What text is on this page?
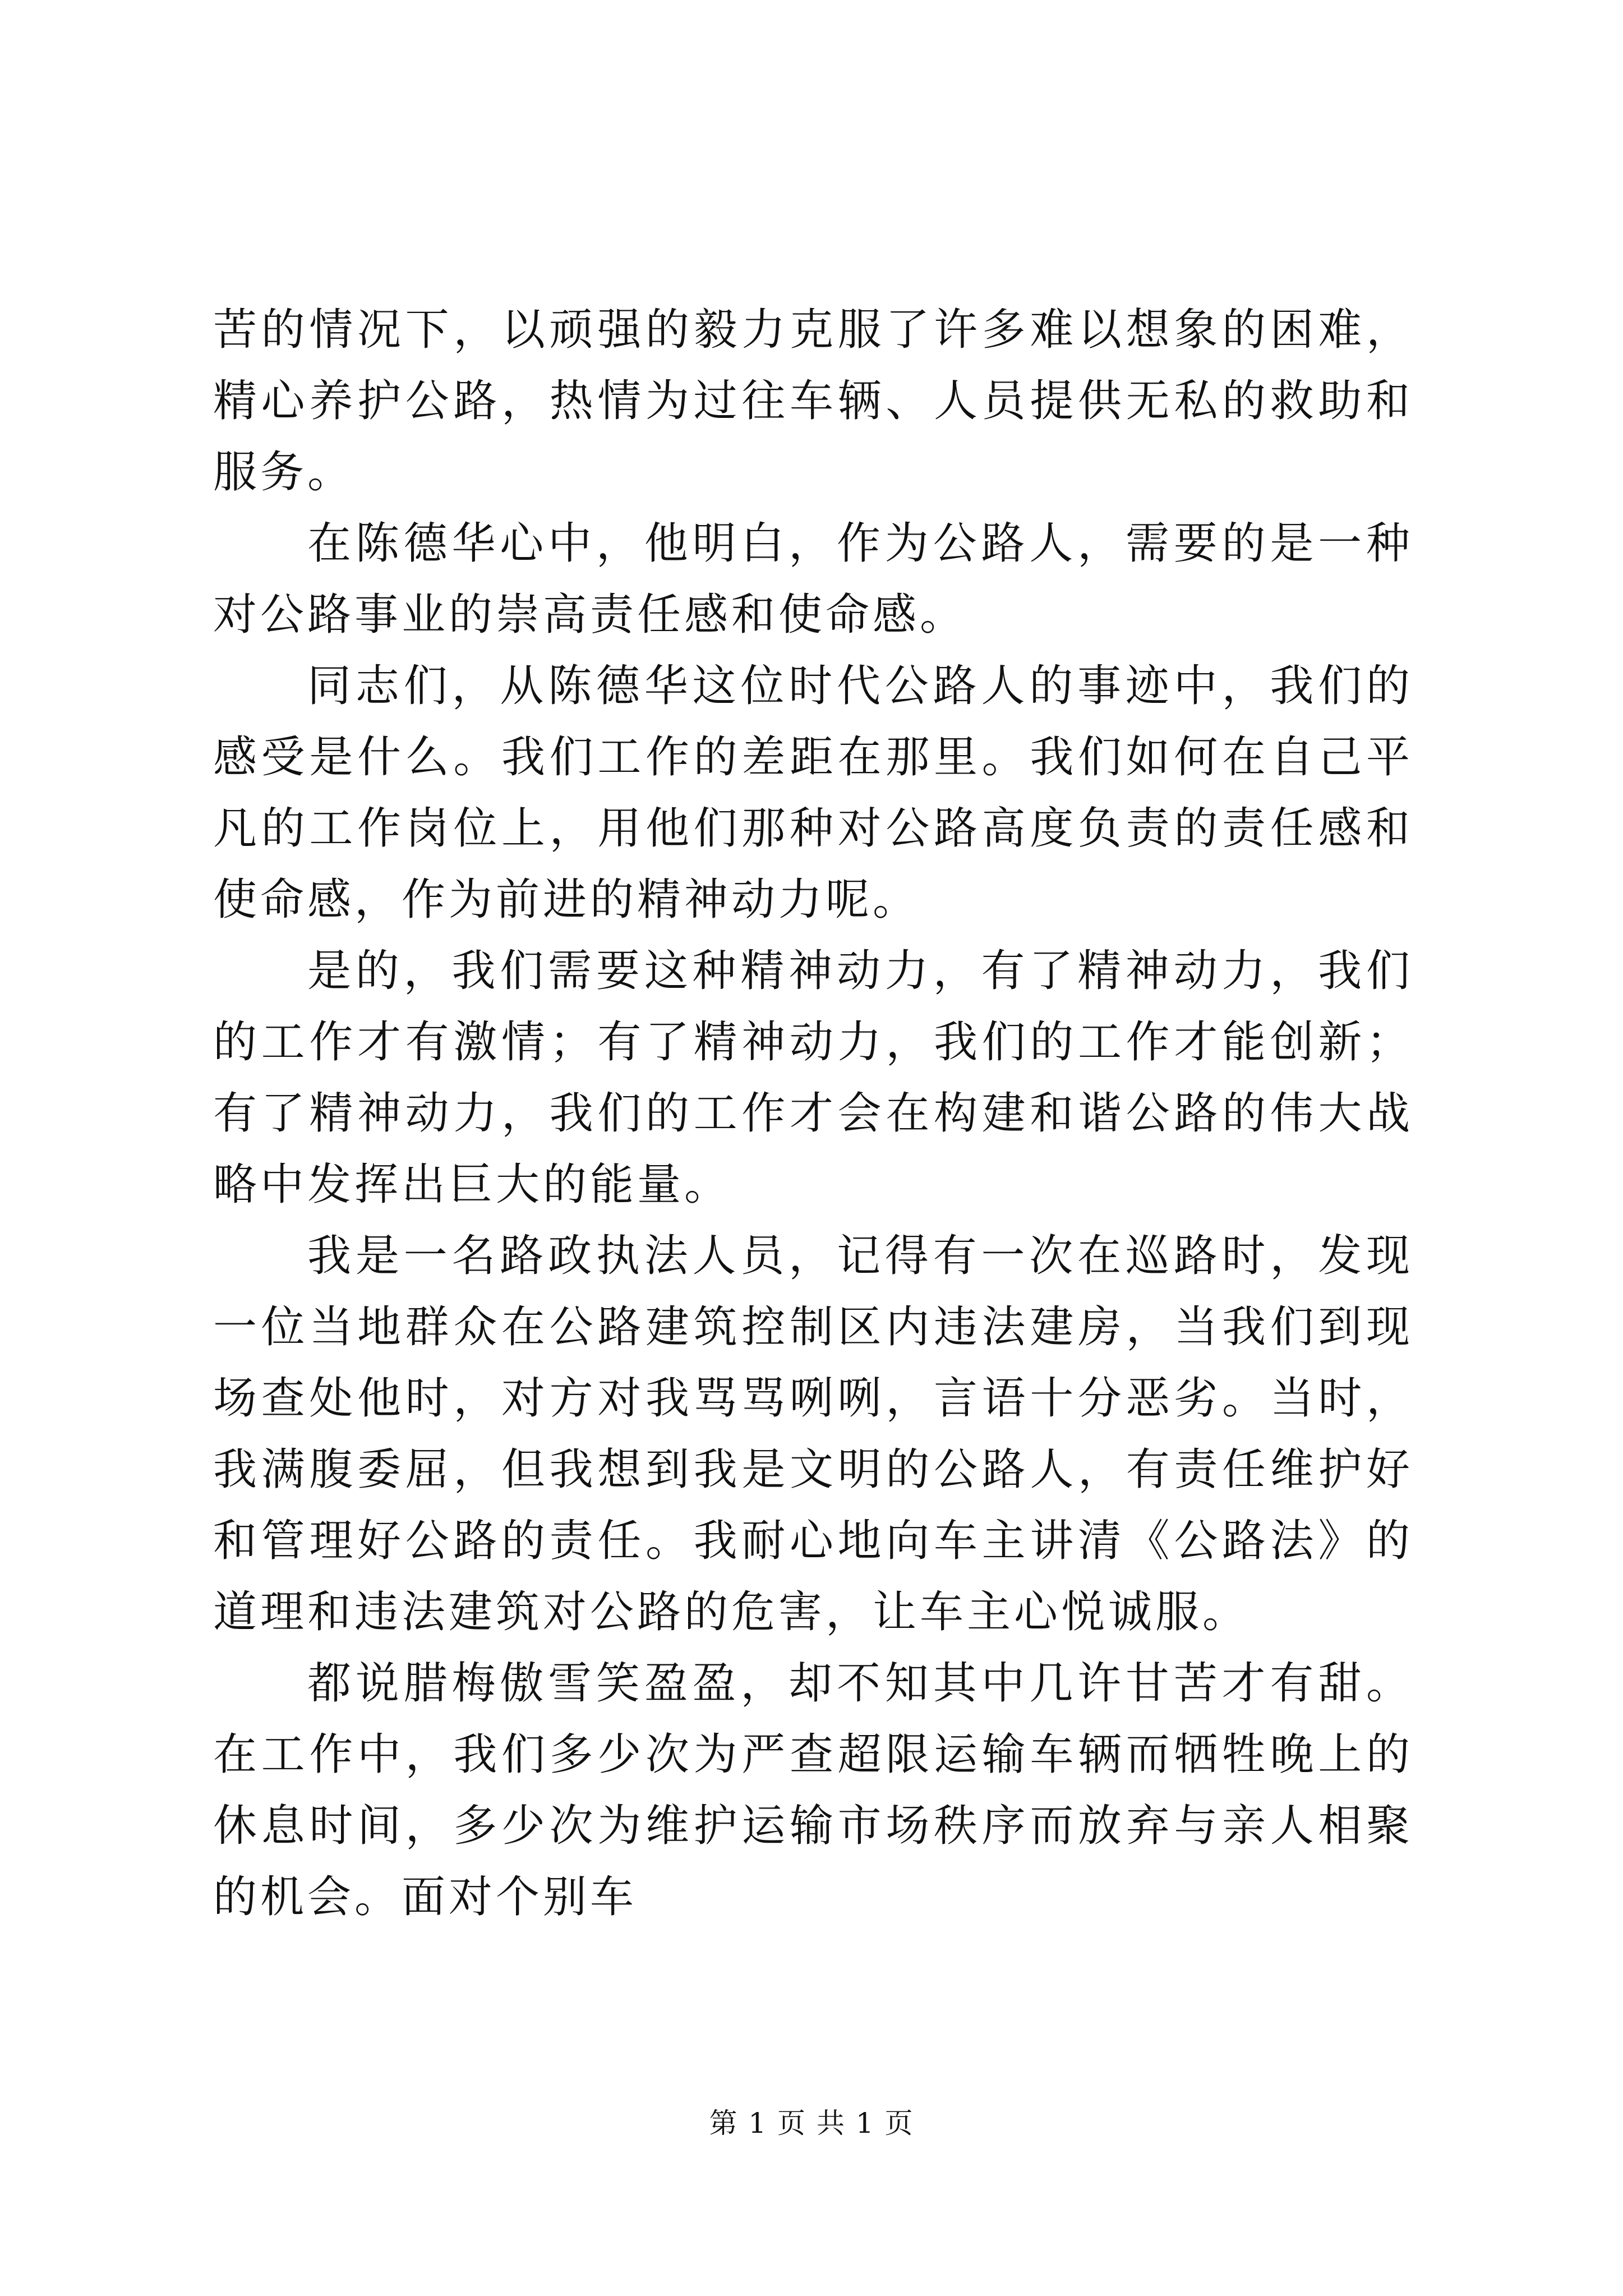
苦的情况下，以顽强的毅力克服了许多难以想象的困难，精心养护公路，热情为过往车辆、人员提供无私的救助和服务。

在陈德华心中，他明白，作为公路人，需要的是一种对公路事业的崇高责任感和使命感。

同志们，从陈德华这位时代公路人的事迹中，我们的感受是什么。我们工作的差距在那里。我们如何在自己平凡的工作岗位上，用他们那种对公路高度负责的责任感和使命感，作为前进的精神动力呢。

是的，我们需要这种精神动力，有了精神动力，我们的工作才有激情；有了精神动力，我们的工作才能创新；有了精神动力，我们的工作才会在构建和谐公路的伟大战略中发挥出巨大的能量。

我是一名路政执法人员，记得有一次在巡路时，发现一位当地群众在公路建筑控制区内违法建房，当我们到现场查处他时，对方对我骂骂咧咧，言语十分恶劣。当时，我满腹委屈，但我想到我是文明的公路人，有责任维护好和管理好公路的责任。我耐心地向车主讲清《公路法》的道理和违法建筑对公路的危害，让车主心悦诚服。

都说腊梅傲雪笑盈盈，却不知其中几许甘苦才有甜。在工作中，我们多少次为严查超限运输车辆而牺牲晚上的休息时间，多少次为维护运输市场秩序而放弃与亲人相聚的机会。面对个别车

第 1 页 共 1 页
